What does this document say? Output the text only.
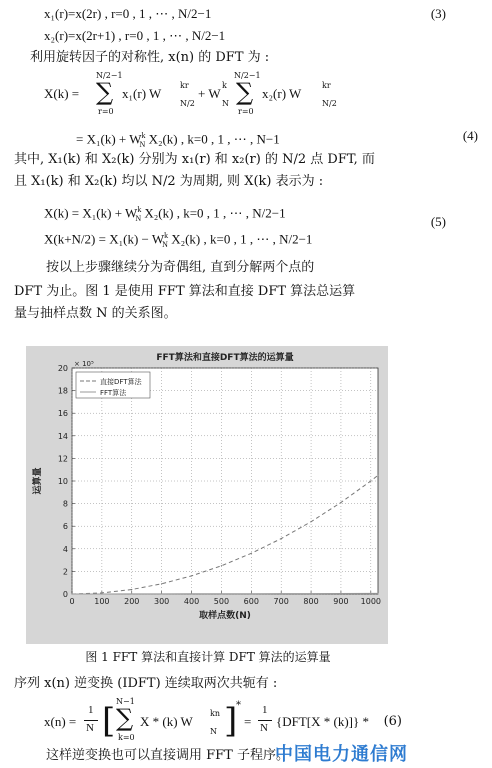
x₁(r)=x(2r) , r=0 , 1 , ⋯ , N/2−1	(3)
x₂(r)=x(2r+1) , r=0 , 1 , ⋯ , N/2−1
利用旋转因子的对称性, x(n) 的 DFT 为 :
X(k) =
N/2−1
∑
r=0
x₁(r) W
kr
N/2
+ W
k
N
N/2−1
∑
r=0
x₂(r) W
kr
N/2
= $X_1(k) + W^k_N$ X₂(k) , k=0 , 1 , ⋯ , N−1	(4)
其中, X₁(k) 和 X₂(k) 分别为 x₁(r) 和 x₂(r) 的 N/2 点 DFT, 而
且 X₁(k) 和 X₂(k) 均以 N/2 为周期, 则 X(k) 表示为 :
$X(k) = X_1(k) + W^k_N$ X₂(k) , k=0 , 1 , ⋯ , N/2−1
(5)
$X(k+N/2) = X_1(k) - W^k_N$ X₂(k) , k=0 , 1 , ⋯ , N/2−1
按以上步骤继续分为奇偶组, 直到分解两个点的
DFT 为止。图 1 是使用 FFT 算法和直接 DFT 算法总运算
量与抽样点数 N 的关系图。
0 100 200 300 400 500 600 700 800 900 1000
0
2
4
6
8
10
12
14
16
18
20
FFT算法和直接DFT算法的运算量
取样点数(N)
运算量
× 10⁵
直接DFT算法
FFT算法
图 1 FFT 算法和直接计算 DFT 算法的运算量
序列 x(n) 逆变换 (IDFT) 连续取两次共轭有 :
x(n) =
1
N [ N−1
∑
k=0
X * (k) W
kn
N ]
*
=
1
N {DFT[X * (k)]} * (6)
这样逆变换也可以直接调用 FFT 子程序。
中国电力通信网
